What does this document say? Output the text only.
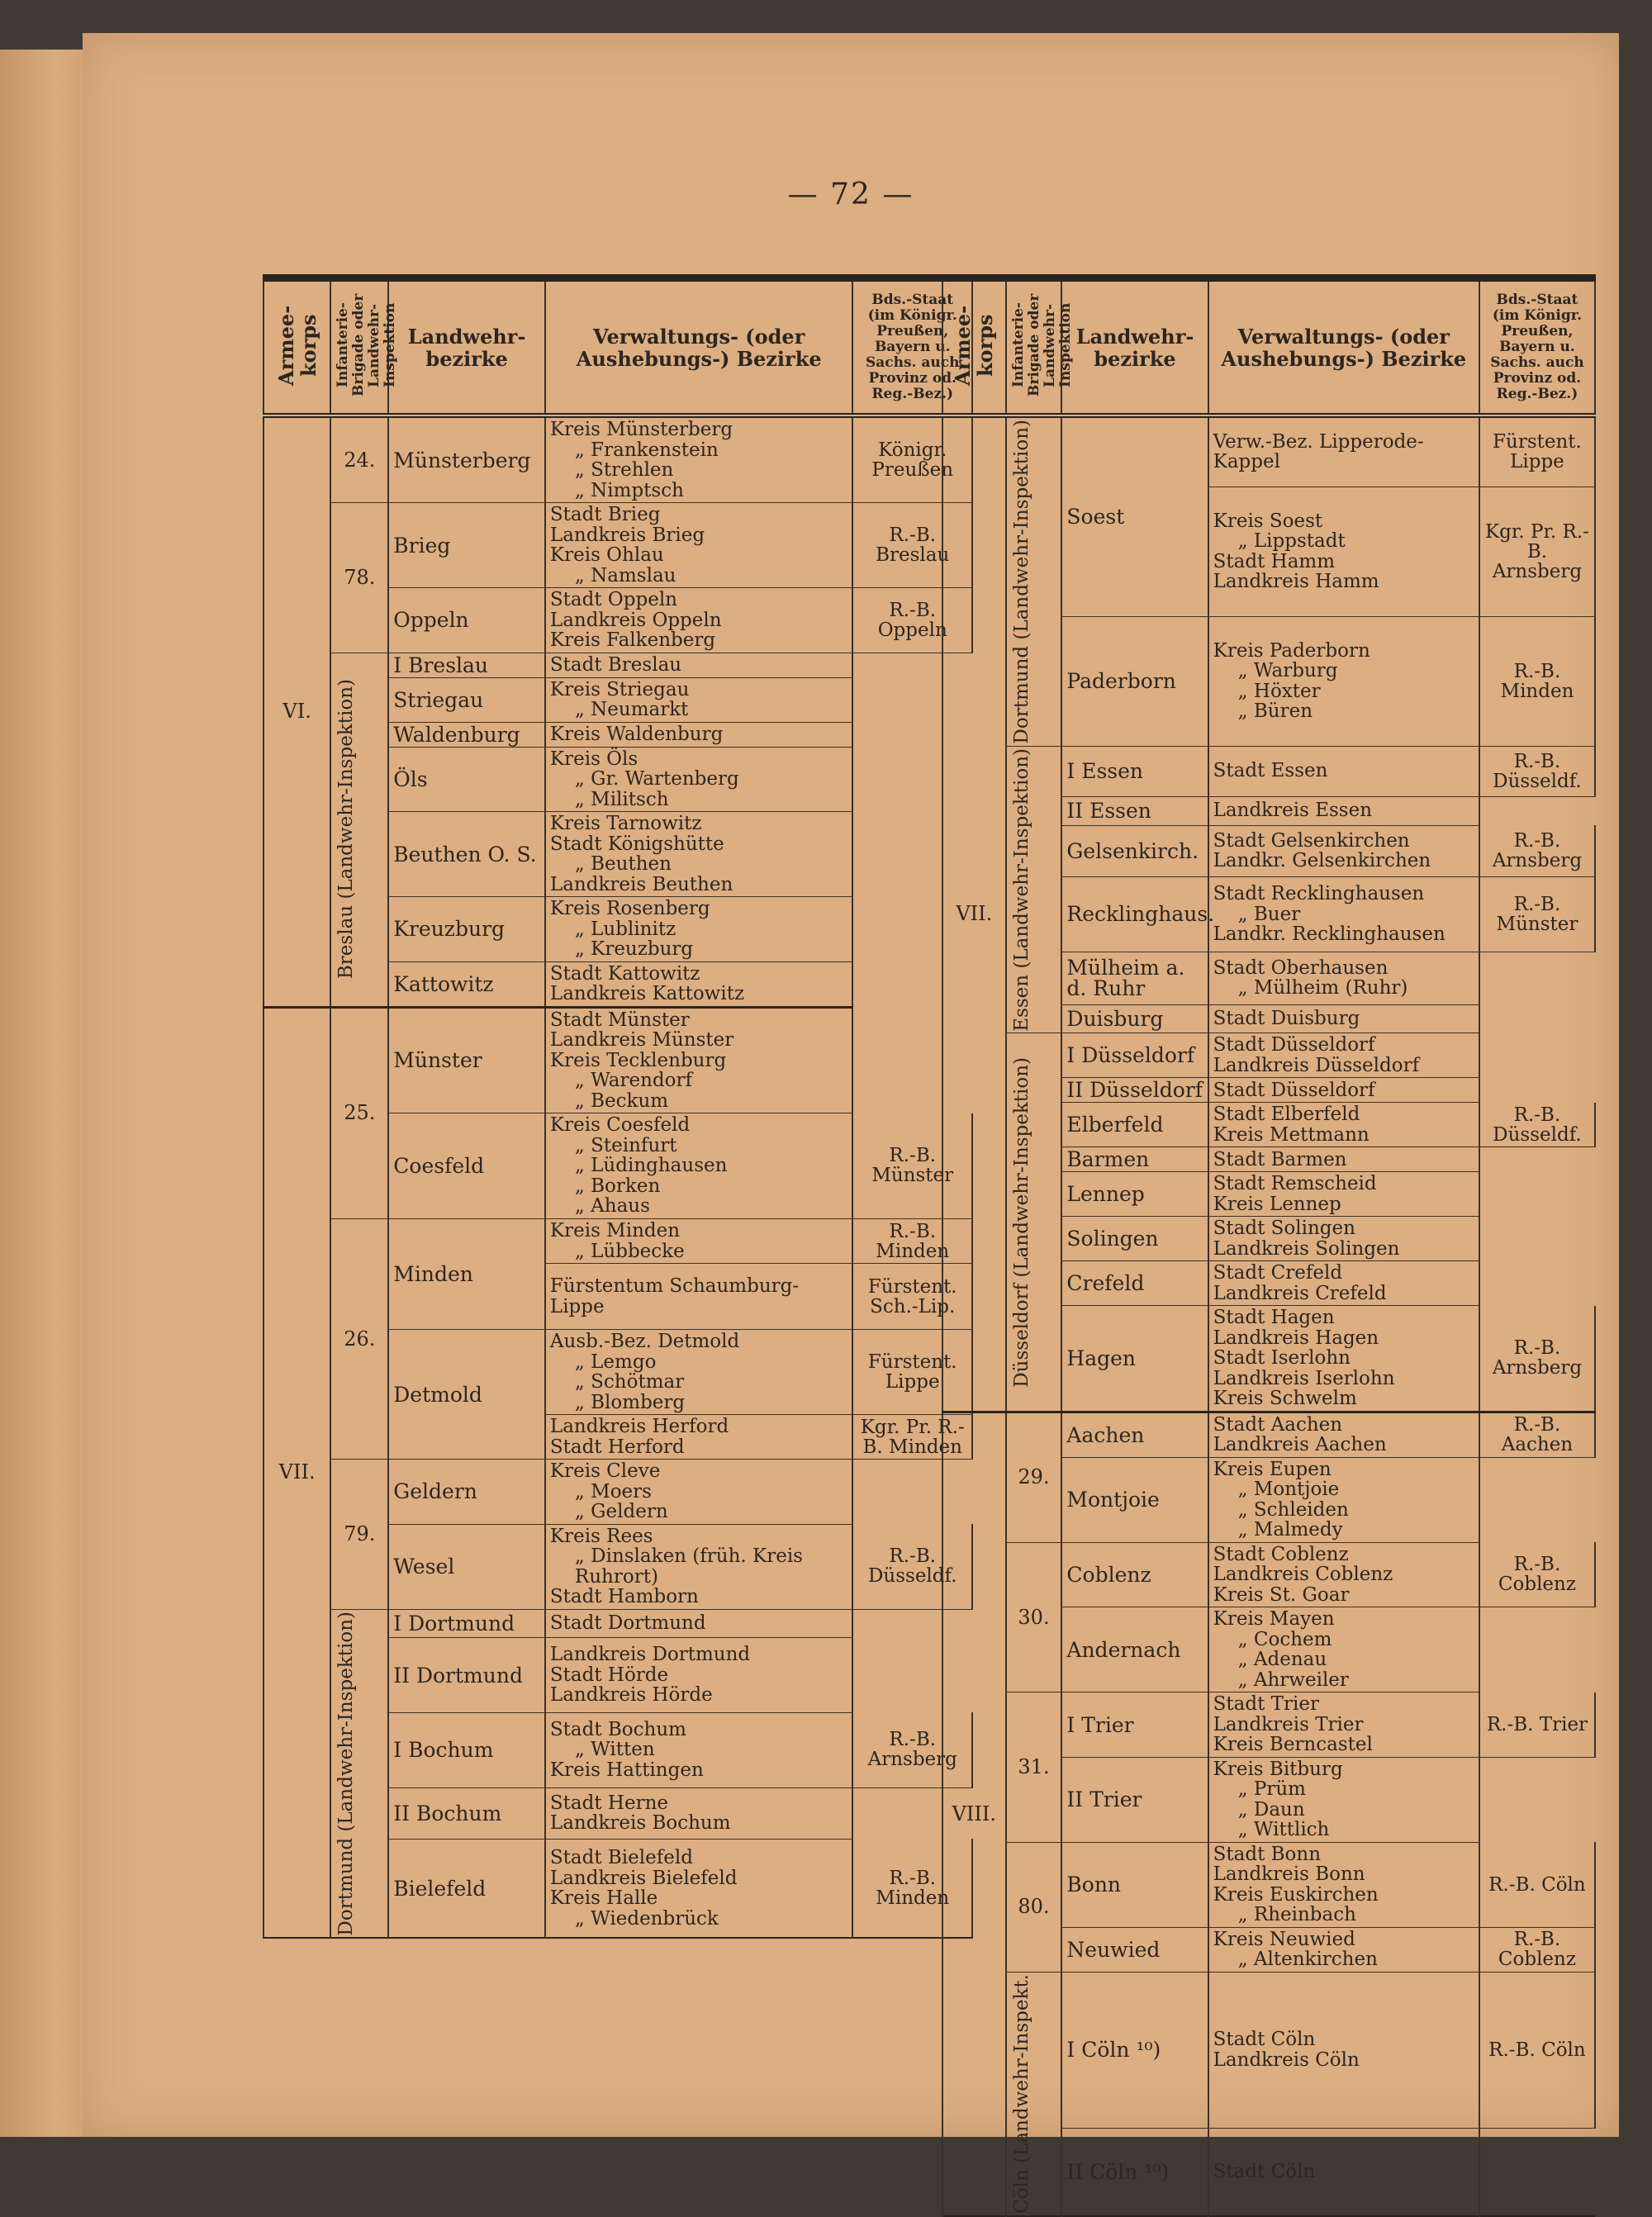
— 72 —
Armee-korps	Infanterie-Brigade oder Landwehr-Inspektion	Landwehr-bezirke	Verwaltungs- (oder Aushebungs-) Bezirke	Bds.-Staat (im Königr. Preußen, Bayern u. Sachs. auch Provinz od. Reg.-Bez.)
VI.	24.	Münsterberg	Kreis Münsterberg
„ Frankenstein
„ Strehlen
„ Nimptsch	Königr. Preußen
	78.	Brieg	Stadt Brieg
Landkreis Brieg
Kreis Ohlau
„ Namslau	R.-B. Breslau
		Oppeln	Stadt Oppeln
Landkreis Oppeln
Kreis Falkenberg	R.-B. Oppeln

	Breslau (Landwehr-Inspektion)	I Breslau	Stadt Breslau	

		Striegau	Kreis Striegau
„ Neumarkt	

		Waldenburg	Kreis Waldenburg	

		Öls	Kreis Öls
„ Gr. Wartenberg
„ Militsch	

		Beuthen O. S.	Kreis Tarnowitz
Stadt Königshütte
„ Beuthen
Landkreis Beuthen	

		Kreuzburg	Kreis Rosenberg
„ Lublinitz
„ Kreuzburg	

		Kattowitz	Stadt Kattowitz
Landkreis Kattowitz	

VII.	25.	Münster	Stadt Münster
Landkreis Münster
Kreis Tecklenburg
„ Warendorf
„ Beckum	

		Coesfeld	Kreis Coesfeld
„ Steinfurt
„ Lüdinghausen
„ Borken
„ Ahaus	R.-B. Münster
	26.	Minden	Kreis Minden
„ Lübbecke	R.-B. Minden

			Fürstentum Schaumburg-Lippe	Fürstent. Sch.-Lip.
		Detmold	Ausb.-Bez. Detmold
„ Lemgo
„ Schötmar
„ Blomberg	Fürstent. Lippe

			Landkreis Herford
Stadt Herford	Kgr. Pr. R.-B. Minden
	79.	Geldern	Kreis Cleve
„ Moers
„ Geldern	

		Wesel	Kreis Rees
„ Dinslaken (früh. Kreis Ruhrort)
Stadt Hamborn	R.-B. Düsseldf.

	Dortmund (Landwehr-Inspektion)	I Dortmund	Stadt Dortmund	

		II Dortmund	Landkreis Dortmund
Stadt Hörde
Landkreis Hörde	

		I Bochum	Stadt Bochum
„ Witten
Kreis Hattingen	R.-B. Arnsberg
		II Bochum	Stadt Herne
Landkreis Bochum	

		Bielefeld	Stadt Bielefeld
Landkreis Bielefeld
Kreis Halle
„ Wiedenbrück	R.-B. Minden
Armee-korps	Infanterie-Brigade oder Landwehr-Inspektion	Landwehr-bezirke	Verwaltungs- (oder Aushebungs-) Bezirke	Bds.-Staat (im Königr. Preußen, Bayern u. Sachs. auch Provinz od. Reg.-Bez.)
VII.	Dortmund (Landwehr-Inspektion)	Soest	Verw.-Bez. Lipperode-Kappel	Fürstent. Lippe

			Kreis Soest
„ Lippstadt
Stadt Hamm
Landkreis Hamm	Kgr. Pr. R.-B. Arnsberg
		Paderborn	Kreis Paderborn
„ Warburg
„ Höxter
„ Büren	R.-B. Minden

	Essen (Landwehr-Inspektion)	I Essen	Stadt Essen	R.-B. Düsseldf.
		II Essen	Landkreis Essen	

		Gelsenkirch.	Stadt Gelsenkirchen
Landkr. Gelsenkirchen	R.-B. Arnsberg
		Recklinghaus.	Stadt Recklinghausen
„ Buer
Landkr. Recklinghausen	R.-B. Münster
		Mülheim a. d. Ruhr	Stadt Oberhausen
„ Mülheim (Ruhr)	

		Duisburg	Stadt Duisburg	

	Düsseldorf (Landwehr-Inspektion)	I Düsseldorf	Stadt Düsseldorf
Landkreis Düsseldorf	

		II Düsseldorf	Stadt Düsseldorf	

		Elberfeld	Stadt Elberfeld
Kreis Mettmann	R.-B. Düsseldf.
		Barmen	Stadt Barmen	

		Lennep	Stadt Remscheid
Kreis Lennep	

		Solingen	Stadt Solingen
Landkreis Solingen	

		Crefeld	Stadt Crefeld
Landkreis Crefeld	

		Hagen	Stadt Hagen
Landkreis Hagen
Stadt Iserlohn
Landkreis Iserlohn
Kreis Schwelm	R.-B. Arnsberg
VIII.	29.	Aachen	Stadt Aachen
Landkreis Aachen	R.-B. Aachen
		Montjoie	Kreis Eupen
„ Montjoie
„ Schleiden
„ Malmedy	

	30.	Coblenz	Stadt Coblenz
Landkreis Coblenz
Kreis St. Goar	R.-B. Coblenz
		Andernach	Kreis Mayen
„ Cochem
„ Adenau
„ Ahrweiler	

	31.	I Trier	Stadt Trier
Landkreis Trier
Kreis Berncastel	R.-B. Trier
		II Trier	Kreis Bitburg
„ Prüm
„ Daun
„ Wittlich	

	80.	Bonn	Stadt Bonn
Landkreis Bonn
Kreis Euskirchen
„ Rheinbach	R.-B. Cöln
		Neuwied	Kreis Neuwied
„ Altenkirchen	R.-B. Coblenz

	Cöln (Landwehr-Inspekt.	I Cöln ¹⁰)	Stadt Cöln
Landkreis Cöln	R.-B. Cöln
		II Cöln ¹⁰)	Stadt Cöln	
